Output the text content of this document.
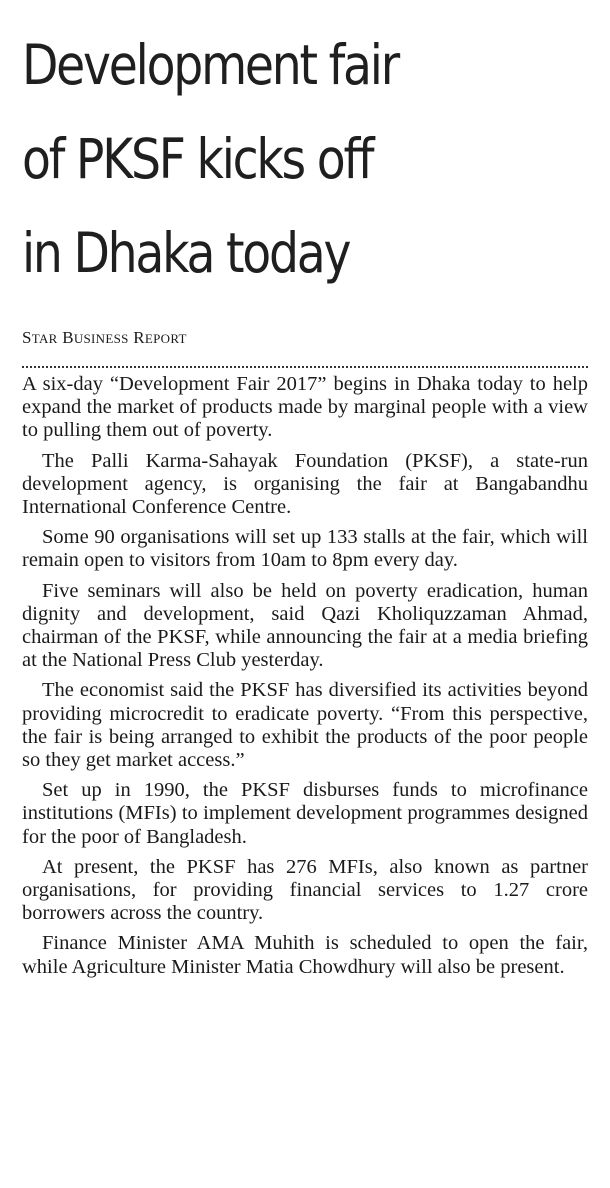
Development fair
of PKSF kicks off
in Dhaka today
STAR BUSINESS REPORT

A six-day “Development Fair 2017” begins in Dhaka today to help expand the market of products made by marginal people with a view to pulling them out of poverty.

The Palli Karma-Sahayak Foundation (PKSF), a state-run development agency, is organising the fair at Bangabandhu International Conference Centre.

Some 90 organisations will set up 133 stalls at the fair, which will remain open to visitors from 10am to 8pm every day.

Five seminars will also be held on poverty eradication, human dignity and development, said Qazi Kholiquzzaman Ahmad, chairman of the PKSF, while announcing the fair at a media briefing at the National Press Club yesterday.

The economist said the PKSF has diversified its activities beyond providing microcredit to eradicate poverty. “From this perspective, the fair is being arranged to exhibit the products of the poor people so they get market access.”

Set up in 1990, the PKSF disburses funds to microfinance institutions (MFIs) to implement development programmes designed for the poor of Bangladesh.

At present, the PKSF has 276 MFIs, also known as partner organisations, for providing financial services to 1.27 crore borrowers across the country.

Finance Minister AMA Muhith is scheduled to open the fair, while Agriculture Minister Matia Chowdhury will also be present.
